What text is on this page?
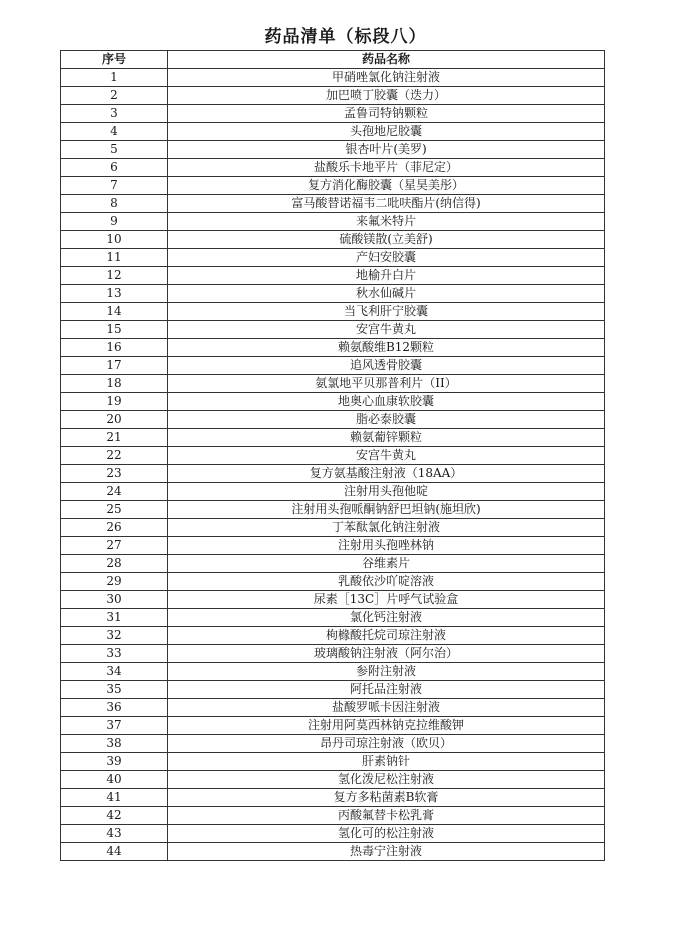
药品清单（标段八）
序号	药品名称
1	甲硝唑氯化钠注射液
2	加巴喷丁胶囊（迭力）
3	孟鲁司特钠颗粒
4	头孢地尼胶囊
5	银杏叶片(美罗)
6	盐酸乐卡地平片（菲尼定）
7	复方消化酶胶囊（星昊美彤）
8	富马酸替诺福韦二吡呋酯片(纳信得)
9	来氟米特片
10	硫酸镁散(立美舒)
11	产妇安胶囊
12	地榆升白片
13	秋水仙碱片
14	当飞利肝宁胶囊
15	安宫牛黄丸
16	赖氨酸维B12颗粒
17	追风透骨胶囊
18	氨氯地平贝那普利片（II）
19	地奥心血康软胶囊
20	脂必泰胶囊
21	赖氨葡锌颗粒
22	安宫牛黄丸
23	复方氨基酸注射液（18AA）
24	注射用头孢他啶
25	注射用头孢哌酮钠舒巴坦钠(施坦欣)
26	丁苯酞氯化钠注射液
27	注射用头孢唑林钠
28	谷维素片
29	乳酸依沙吖啶溶液
30	尿素［13C］片呼气试验盒
31	氯化钙注射液
32	枸橼酸托烷司琼注射液
33	玻璃酸钠注射液（阿尔治）
34	参附注射液
35	阿托品注射液
36	盐酸罗哌卡因注射液
37	注射用阿莫西林钠克拉维酸钾
38	昂丹司琼注射液（欧贝）
39	肝素钠针
40	氢化泼尼松注射液
41	复方多粘菌素B软膏
42	丙酸氟替卡松乳膏
43	氢化可的松注射液
44	热毒宁注射液
